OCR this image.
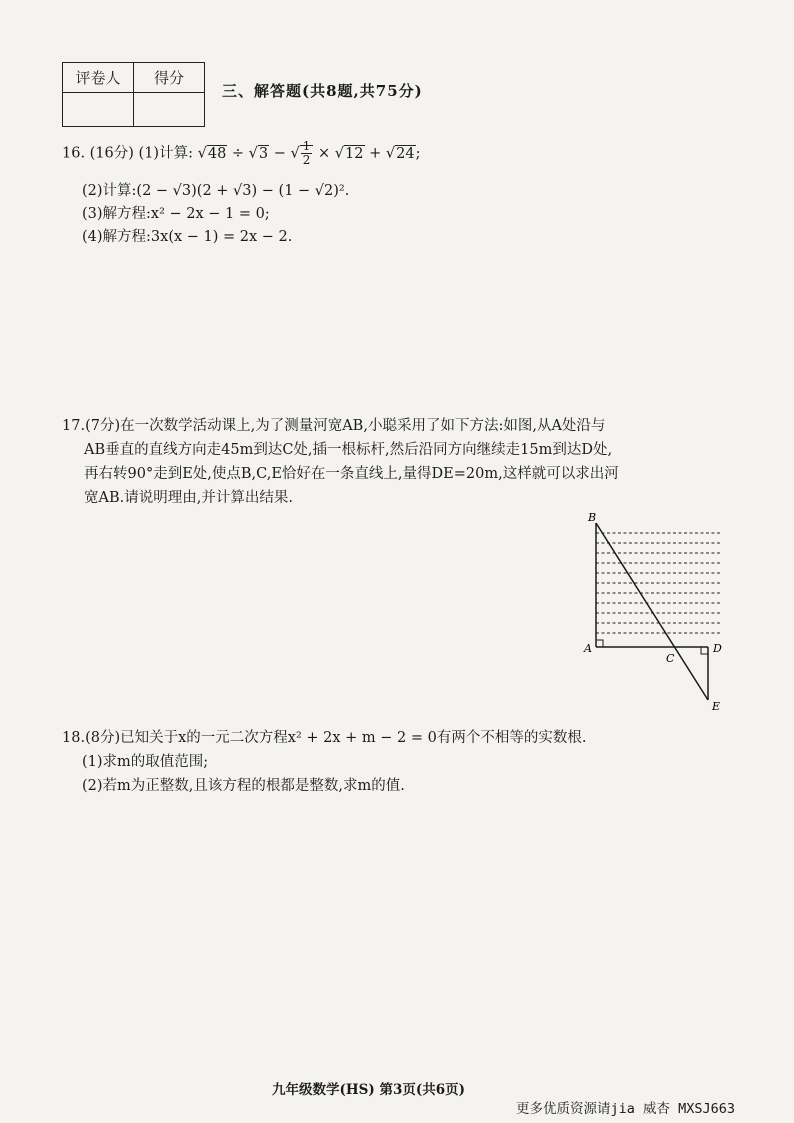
评卷人	得分

三、解答题(共8题,共75分)
16. (16分) (1)计算: √48 ÷ √3 − √ $\frac{1}{2} \times √12 + √24$;
(2)计算:(2 − √3)(2 + √3) − (1 − √2)².
(3)解方程:x² − 2x − 1 = 0;
(4)解方程:3x(x − 1) = 2x − 2.
17.(7分)在一次数学活动课上,为了测量河宽AB,小聪采用了如下方法:如图,从A处沿与
AB垂直的直线方向走45m到达C处,插一根标杆,然后沿同方向继续走15m到达D处,
再右转90°走到E处,使点B,C,E恰好在一条直线上,量得DE=20m,这样就可以求出河
宽AB.请说明理由,并计算出结果.
B
A
C
D
E
18.(8分)已知关于x的一元二次方程x² + 2x + m − 2 = 0有两个不相等的实数根.
(1)求m的取值范围;
(2)若m为正整数,且该方程的根都是整数,求m的值.
九年级数学(HS) 第3页(共6页)
更多优质资源请jia 威杏 MXSJ663
